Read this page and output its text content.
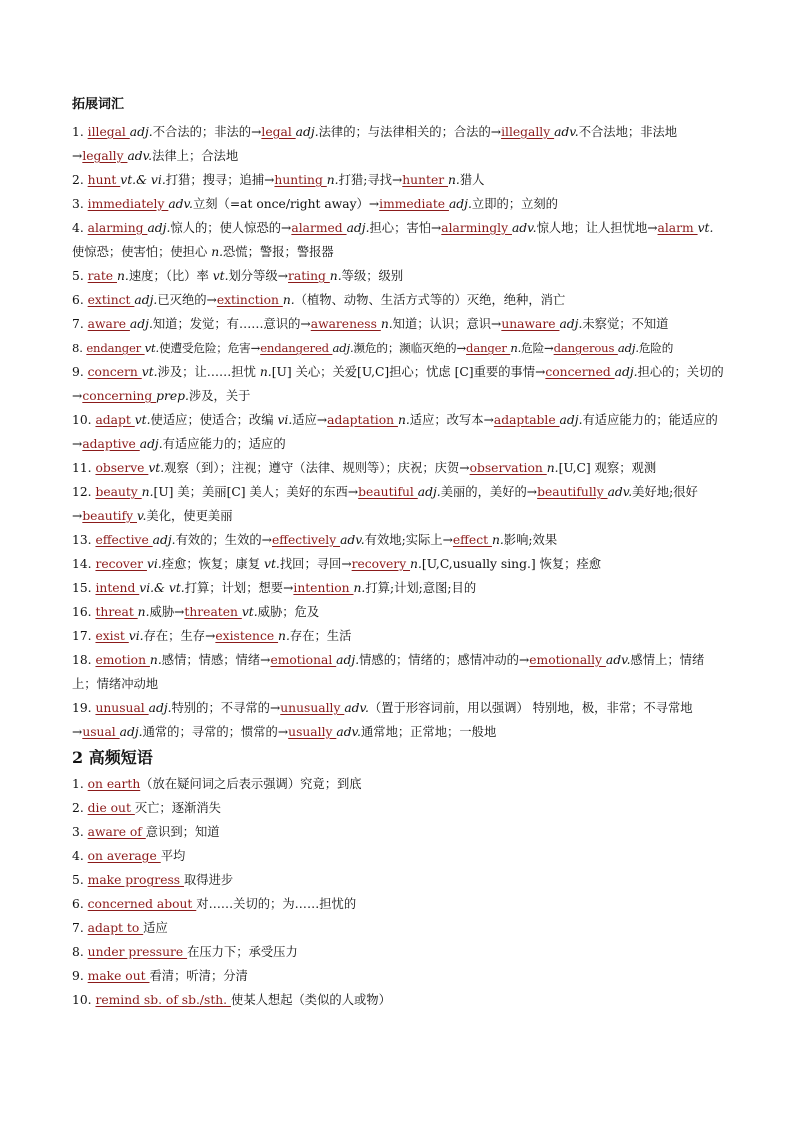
拓展词汇
1. illegal adj.不合法的；非法的→legal adj.法律的；与法律相关的；合法的→illegally adv.不合法地；非法地→legally adv.法律上；合法地
2. hunt vt.& vi.打猎；搜寻；追捕→hunting n.打猎;寻找→hunter n.猎人
3. immediately adv.立刻（=at once/right away）→immediate adj.立即的；立刻的
4. alarming adj.惊人的；使人惊恐的→alarmed adj.担心；害怕→alarmingly adv.惊人地；让人担忧地→alarm vt.使惊恐；使害怕；使担心 n.恐慌；警报；警报器
5. rate n.速度；（比）率 vt.划分等级→rating n.等级；级别
6. extinct adj.已灭绝的→extinction n.（植物、动物、生活方式等的）灭绝，绝种，消亡
7. aware adj.知道；发觉；有……意识的→awareness n.知道；认识；意识→unaware adj.未察觉；不知道
8. endanger vt.使遭受危险；危害→endangered adj.濒危的；濒临灭绝的→danger n.危险→dangerous adj.危险的
9. concern vt.涉及；让……担忧 n.[U] 关心；关爱[U,C]担心；忧虑 [C]重要的事情→concerned adj.担心的；关切的→concerning prep.涉及，关于
10. adapt vt.使适应；使适合；改编 vi.适应→adaptation n.适应；改写本→adaptable adj.有适应能力的；能适应的→adaptive adj.有适应能力的；适应的
11. observe vt.观察（到）；注视；遵守（法律、规则等）；庆祝；庆贺→observation n.[U,C] 观察；观测
12. beauty n.[U] 美；美丽[C] 美人；美好的东西→beautiful adj.美丽的，美好的→beautifully adv.美好地;很好→beautify v.美化，使更美丽
13. effective adj.有效的；生效的→effectively adv.有效地;实际上→effect n.影响;效果
14. recover vi.痊愈；恢复；康复 vt.找回；寻回→recovery n.[U,C,usually sing.] 恢复；痊愈
15. intend vi.& vt.打算；计划；想要→intention n.打算;计划;意图;目的
16. threat n.威胁→threaten vt.威胁；危及
17. exist vi.存在；生存→existence n.存在；生活
18. emotion n.感情；情感；情绪→emotional adj.情感的；情绪的；感情冲动的→emotionally adv.感情上；情绪上；情绪冲动地
19. unusual adj.特别的；不寻常的→unusually adv.（置于形容词前，用以强调） 特别地，极，非常；不寻常地→usual adj.通常的；寻常的；惯常的→usually adv.通常地；正常地；一般地
2 高频短语
1. on earth（放在疑问词之后表示强调）究竟；到底
2. die out 灭亡；逐渐消失
3. aware of 意识到；知道
4. on average 平均
5. make progress 取得进步
6. concerned about 对……关切的；为……担忧的
7. adapt to 适应
8. under pressure 在压力下；承受压力
9. make out 看清；听清；分清
10. remind sb. of sb./sth. 使某人想起（类似的人或物）
